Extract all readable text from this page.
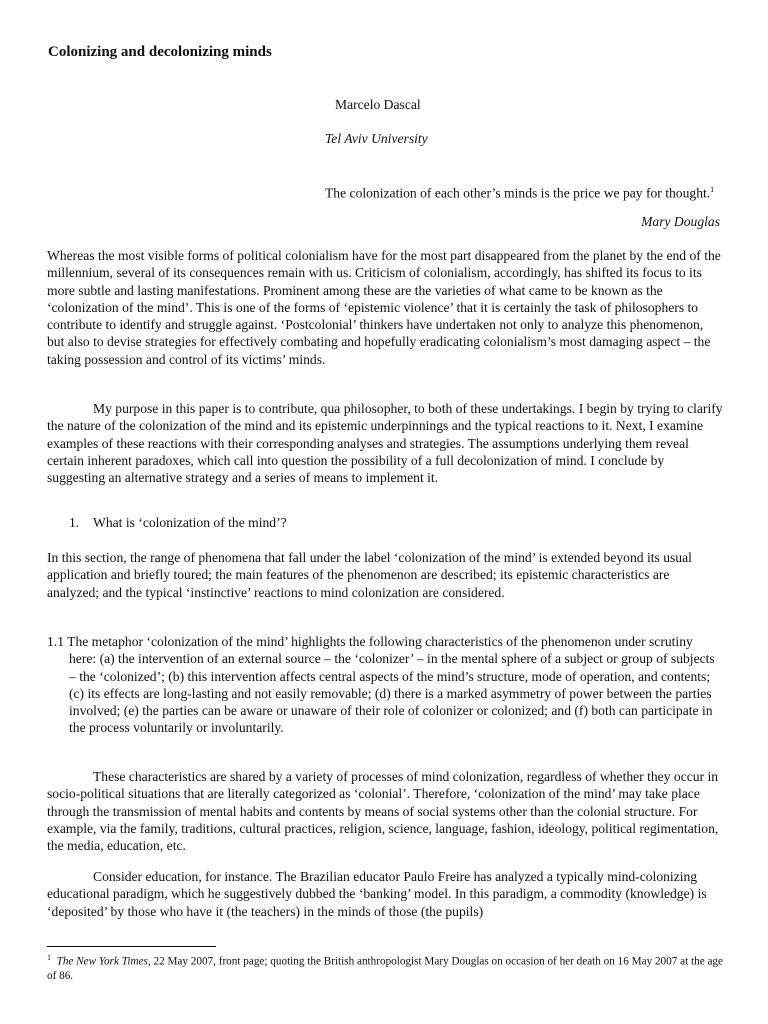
Colonizing and decolonizing minds
Marcelo Dascal
Tel Aviv University
The colonization of each other’s minds is the price we pay for thought.$^1$
Mary Douglas

Whereas the most visible forms of political colonialism have for the most part disappeared from the planet by the end of the millennium, several of its consequences remain with us. Criticism of colonialism, accordingly, has shifted its focus to its more subtle and lasting manifestations. Prominent among these are the varieties of what came to be known as the ‘colonization of the mind’. This is one of the forms of ‘epistemic violence’ that it is certainly the task of philosophers to contribute to identify and struggle against. ‘Postcolonial’ thinkers have undertaken not only to analyze this phenomenon, but also to devise strategies for effectively combating and hopefully eradicating colonialism’s most damaging aspect – the taking possession and control of its victims’ minds.

My purpose in this paper is to contribute, qua philosopher, to both of these undertakings. I begin by trying to clarify the nature of the colonization of the mind and its epistemic underpinnings and the typical reactions to it. Next, I examine examples of these reactions with their corresponding analyses and strategies. The assumptions underlying them reveal certain inherent paradoxes, which call into question the possibility of a full decolonization of mind. I conclude by suggesting an alternative strategy and a series of means to implement it.

1. What is ‘colonization of the mind’?

In this section, the range of phenomena that fall under the label ‘colonization of the mind’ is extended beyond its usual application and briefly toured; the main features of the phenomenon are described; its epistemic characteristics are analyzed; and the typical ‘instinctive’ reactions to mind colonization are considered.

1.1 The metaphor ‘colonization of the mind’ highlights the following characteristics of the phenomenon under scrutiny here: (a) the intervention of an external source – the ‘colonizer’ – in the mental sphere of a subject or group of subjects – the ‘colonized’; (b) this intervention affects central aspects of the mind’s structure, mode of operation, and contents; (c) its effects are long-lasting and not easily removable; (d) there is a marked asymmetry of power between the parties involved; (e) the parties can be aware or unaware of their role of colonizer or colonized; and (f) both can participate in the process voluntarily or involuntarily.

These characteristics are shared by a variety of processes of mind colonization, regardless of whether they occur in socio-political situations that are literally categorized as ‘colonial’. Therefore, ‘colonization of the mind’ may take place through the transmission of mental habits and contents by means of social systems other than the colonial structure. For example, via the family, traditions, cultural practices, religion, science, language, fashion, ideology, political regimentation, the media, education, etc.

Consider education, for instance. The Brazilian educator Paulo Freire has analyzed a typically mind-colonizing educational paradigm, which he suggestively dubbed the ‘banking’ model. In this paradigm, a commodity (knowledge) is ‘deposited’ by those who have it (the teachers) in the minds of those (the pupils)

$^1$ The New York Times, 22 May 2007, front page; quoting the British anthropologist Mary Douglas on occasion of her death on 16 May 2007 at the age of 86.
